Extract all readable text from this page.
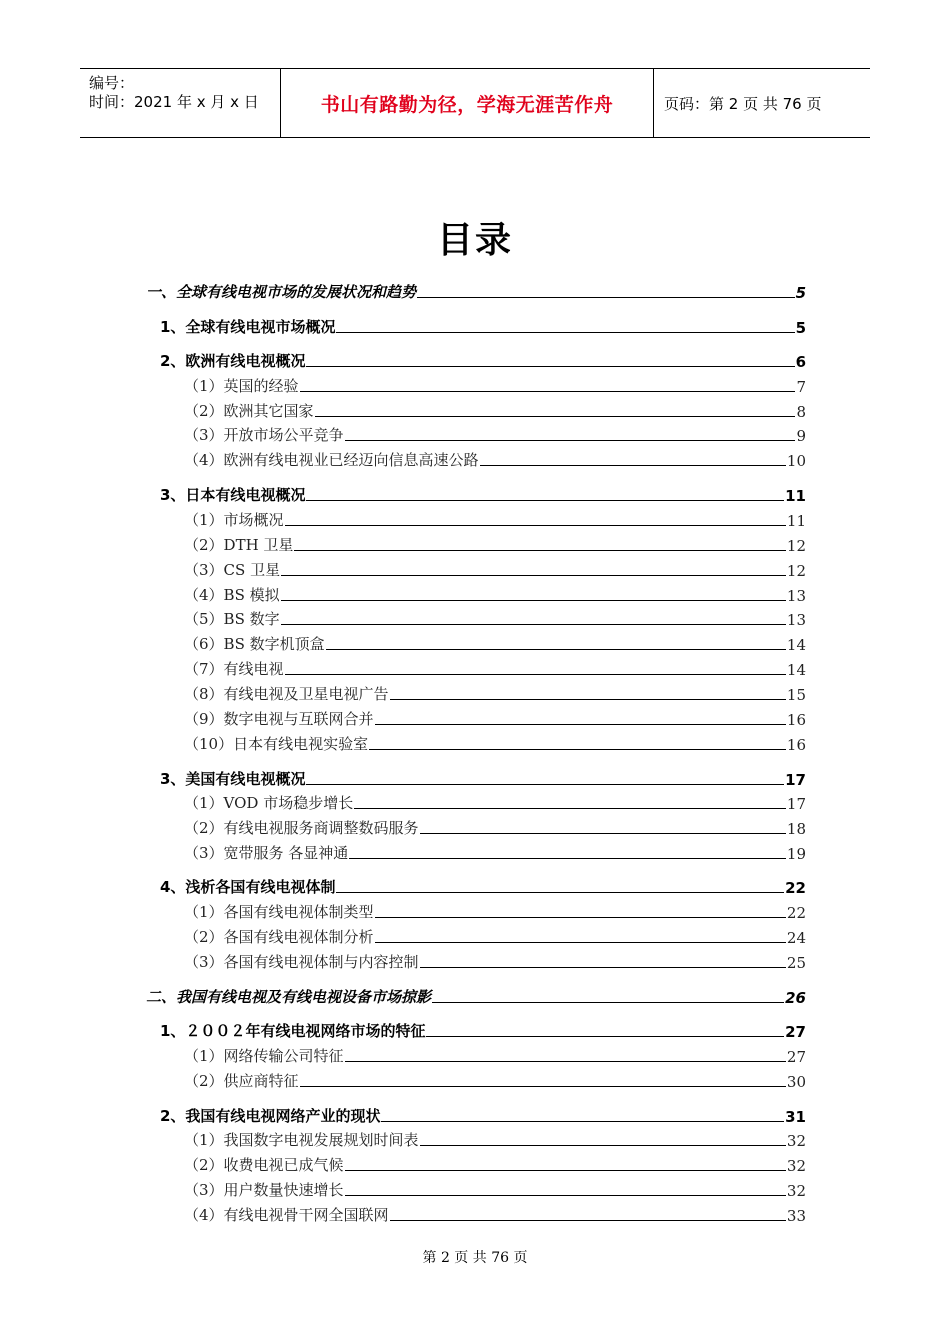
编号：
时间：2021 年 x 月 x 日	书山有路勤为径，学海无涯苦作舟	页码：第 2 页 共 76 页
目录
一、全球有线电视市场的发展状况和趋势	5
1、全球有线电视市场概况	5
2、欧洲有线电视概况	6
（1）英国的经验	7
（2）欧洲其它国家	8
（3）开放市场公平竞争	9
（4）欧洲有线电视业已经迈向信息高速公路	10
3、日本有线电视概况	11
（1）市场概况	11
（2）DTH 卫星	12
（3）CS 卫星	12
（4）BS 模拟	13
（5）BS 数字	13
（6）BS 数字机顶盒	14
（7）有线电视	14
（8）有线电视及卫星电视广告	15
（9）数字电视与互联网合并	16
（10）日本有线电视实验室	16
3、美国有线电视概况	17
（1）VOD 市场稳步增长	17
（2）有线电视服务商调整数码服务	18
（3）宽带服务 各显神通	19
4、浅析各国有线电视体制	22
（1）各国有线电视体制类型	22
（2）各国有线电视体制分析	24
（3）各国有线电视体制与内容控制	25
二、我国有线电视及有线电视设备市场掠影	26
1、２００２年有线电视网络市场的特征	27
（1）网络传输公司特征	27
（2）供应商特征	30
2、我国有线电视网络产业的现状	31
（1）我国数字电视发展规划时间表	32
（2）收费电视已成气候	32
（3）用户数量快速增长	32
（4）有线电视骨干网全国联网	33
第 2 页 共 76 页
